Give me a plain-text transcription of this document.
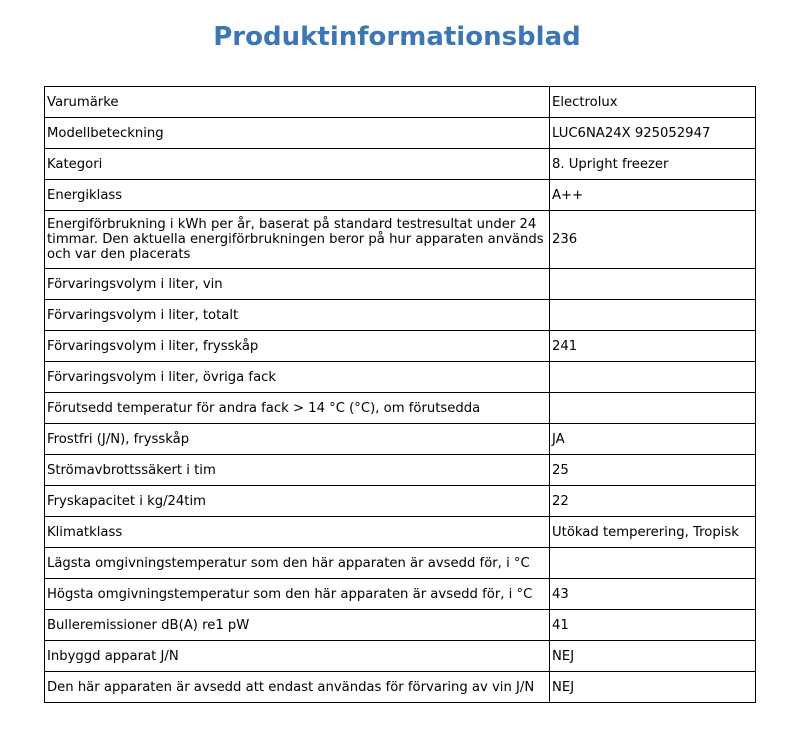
Produktinformationsblad
Varumärke	Electrolux
Modellbeteckning	LUC6NA24X 925052947
Kategori	8. Upright freezer
Energiklass	A++
Energiförbrukning i kWh per år, baserat på standard testresultat under 24 timmar. Den aktuella energiförbrukningen beror på hur apparaten används och var den placerats	236
Förvaringsvolym i liter, vin	
Förvaringsvolym i liter, totalt	
Förvaringsvolym i liter, frysskåp	241
Förvaringsvolym i liter, övriga fack	
Förutsedd temperatur för andra fack > 14 °C (°C), om förutsedda	
Frostfri (J/N), frysskåp	JA
Strömavbrottssäkert i tim	25
Fryskapacitet i kg/24tim	22
Klimatklass	Utökad temperering, Tropisk
Lägsta omgivningstemperatur som den här apparaten är avsedd för, i °C	
Högsta omgivningstemperatur som den här apparaten är avsedd för, i °C	43
Bulleremissioner dB(A) re1 pW	41
Inbyggd apparat J/N	NEJ
Den här apparaten är avsedd att endast användas för förvaring av vin J/N	NEJ
